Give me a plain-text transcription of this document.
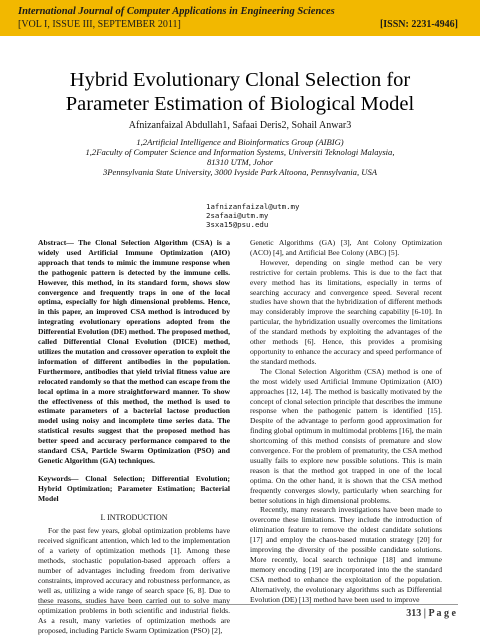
International Journal of Computer Applications in Engineering Sciences
[VOL I, ISSUE III, SEPTEMBER 2011]	[ISSN: 2231-4946]
Hybrid Evolutionary Clonal Selection for Parameter Estimation of Biological Model
Afnizanfaizal Abdullah1, Safaai Deris2, Sohail Anwar3
1,2Artificial Intelligence and Bioinformatics Group (AIBIG)
1,2Faculty of Computer Science and Information Systems, Universiti Teknologi Malaysia,
81310 UTM, Johor
3Pennsylvania State University, 3000 Ivyside Park Altoona, Pennsylvania, USA
1afnizanfaizal@utm.my
2safaai@utm.my
3sxa15@psu.edu

Abstract— The Clonal Selection Algorithm (CSA) is a widely used Artificial Immune Optimization (AIO) approach that tends to mimic the immune response when the pathogenic pattern is detected by the immune cells. However, this method, in its standard form, shows slow convergence and frequently traps in one of the local optima, especially for high dimensional problems. Hence, in this paper, an improved CSA method is introduced by integrating evolutionary operations adopted from the Differential Evolution (DE) method. The proposed method, called Differential Clonal Evolution (DICE) method, utilizes the mutation and crossover operation to exploit the information of different antibodies in the population. Furthermore, antibodies that yield trivial fitness value are relocated randomly so that the method can escape from the local optima in a more straightforward manner. To show the effectiveness of this method, the method is used to estimate parameters of a bacterial lactose production model using noisy and incomplete time series data. The statistical results suggest that the proposed method has better speed and accuracy performance compared to the standard CSA, Particle Swarm Optimization (PSO) and Genetic Algorithm (GA) techniques.

Keywords— Clonal Selection; Differential Evolution; Hybrid Optimization; Parameter Estimation; Bacterial Model

I. INTRODUCTION

For the past few years, global optimization problems have received significant attention, which led to the implementation of a variety of optimization methods [1]. Among these methods, stochastic population-based approach offers a number of advantages including freedom from derivative constraints, improved accuracy and robustness performance, as well as, utilizing a wide range of search space [6, 8]. Due to these reasons, studies have been carried out to solve many optimization problems in both scientific and industrial fields. As a result, many varieties of optimization methods are proposed, including Particle Swarm Optimization (PSO) [2],

Genetic Algorithms (GA) [3], Ant Colony Optimization (ACO) [4], and Artificial Bee Colony (ABC) [5].

However, depending on single method can be very restrictive for certain problems. This is due to the fact that every method has its limitations, especially in terms of searching accuracy and convergence speed. Several recent studies have shown that the hybridization of different methods may considerably improve the searching capability [6-10]. In particular, the hybridization usually overcomes the limitations of the standard methods by exploiting the advantages of the other methods [6]. Hence, this provides a promising opportunity to enhance the accuracy and speed performance of the standard methods.

The Clonal Selection Algorithm (CSA) method is one of the most widely used Artificial Immune Optimization (AIO) approaches [12, 14]. The method is basically motivated by the concept of clonal selection principle that describes the immune response when the pathogenic pattern is identified [15]. Despite of the advantage to perform good approximation for finding global optimum in multimodal problems [16], the main shortcoming of this method consists of premature and slow convergence. For the problem of prematurity, the CSA method usually fails to explore new possible solutions. This is main reason is that the method got trapped in one of the local optima. On the other hand, it is shown that the CSA method frequently converges slowly, particularly when searching for better solutions in high dimensional problems.

Recently, many research investigations have been made to overcome these limitations. They include the introduction of elimination feature to remove the oldest candidate solutions [17] and employ the chaos-based mutation strategy [20] for improving the diversity of the possible candidate solutions. More recently, local search technique [18] and immune memory encoding [19] are incorporated into the the standard CSA method to enhance the exploitation of the population. Alternatively, the evolutionary algorithms such as Differential Evolution (DE) [13] method have been used to improve

313 | P a g e
